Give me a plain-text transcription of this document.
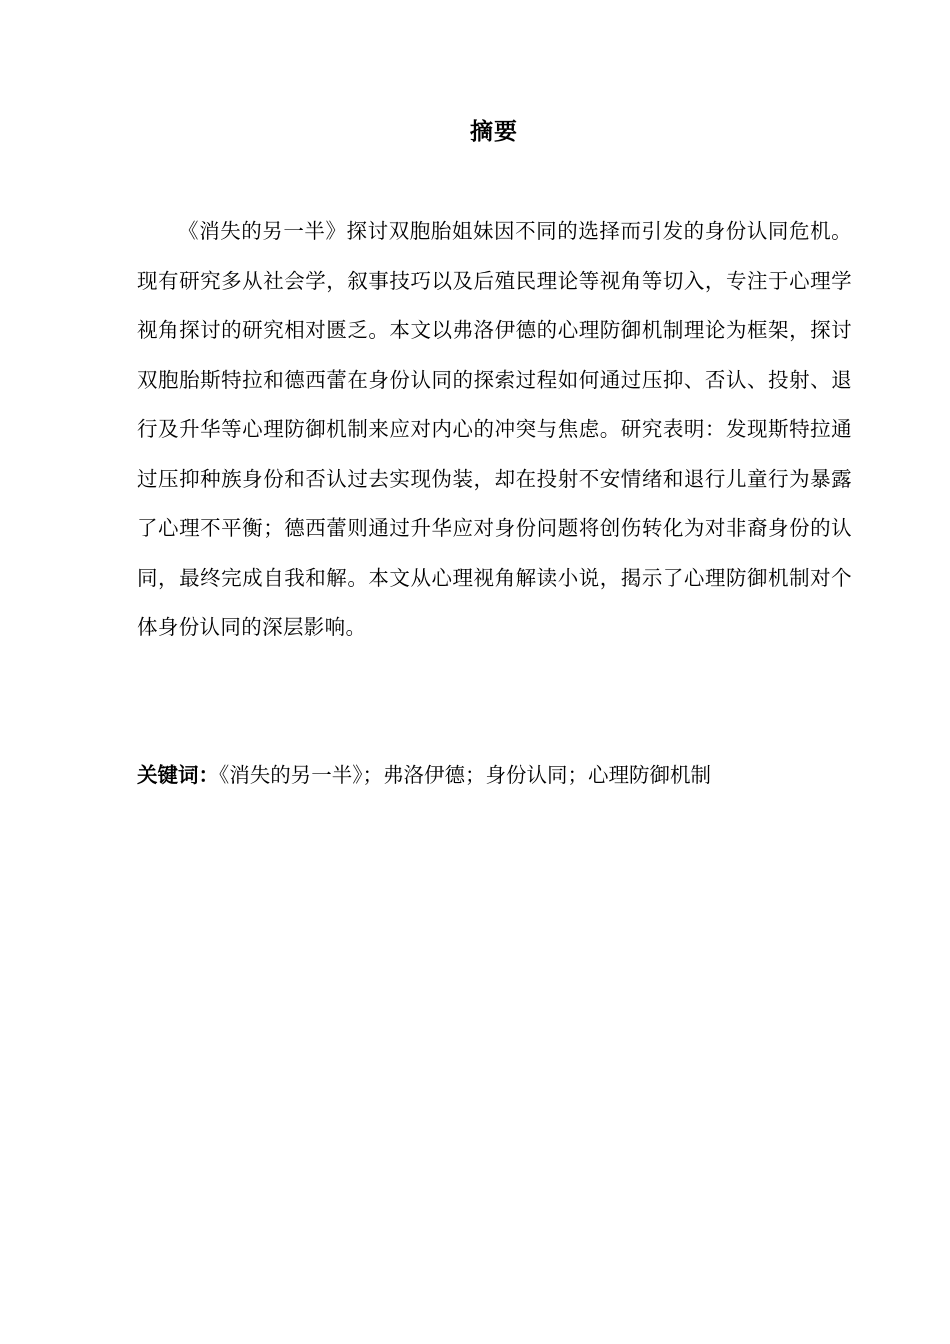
摘要

《消失的另一半》探讨双胞胎姐妹因不同的选择而引发的身份认同危机。现有研究多从社会学，叙事技巧以及后殖民理论等视角等切入，专注于心理学视角探讨的研究相对匮乏。本文以弗洛伊德的心理防御机制理论为框架，探讨双胞胎斯特拉和德西蕾在身份认同的探索过程如何通过压抑、否认、投射、退行及升华等心理防御机制来应对内心的冲突与焦虑。研究表明：发现斯特拉通过压抑种族身份和否认过去实现伪装，却在投射不安情绪和退行儿童行为暴露了心理不平衡；德西蕾则通过升华应对身份问题将创伤转化为对非裔身份的认同，最终完成自我和解。本文从心理视角解读小说，揭示了心理防御机制对个体身份认同的深层影响。

关键词：《消失的另一半》；弗洛伊德；身份认同；心理防御机制
